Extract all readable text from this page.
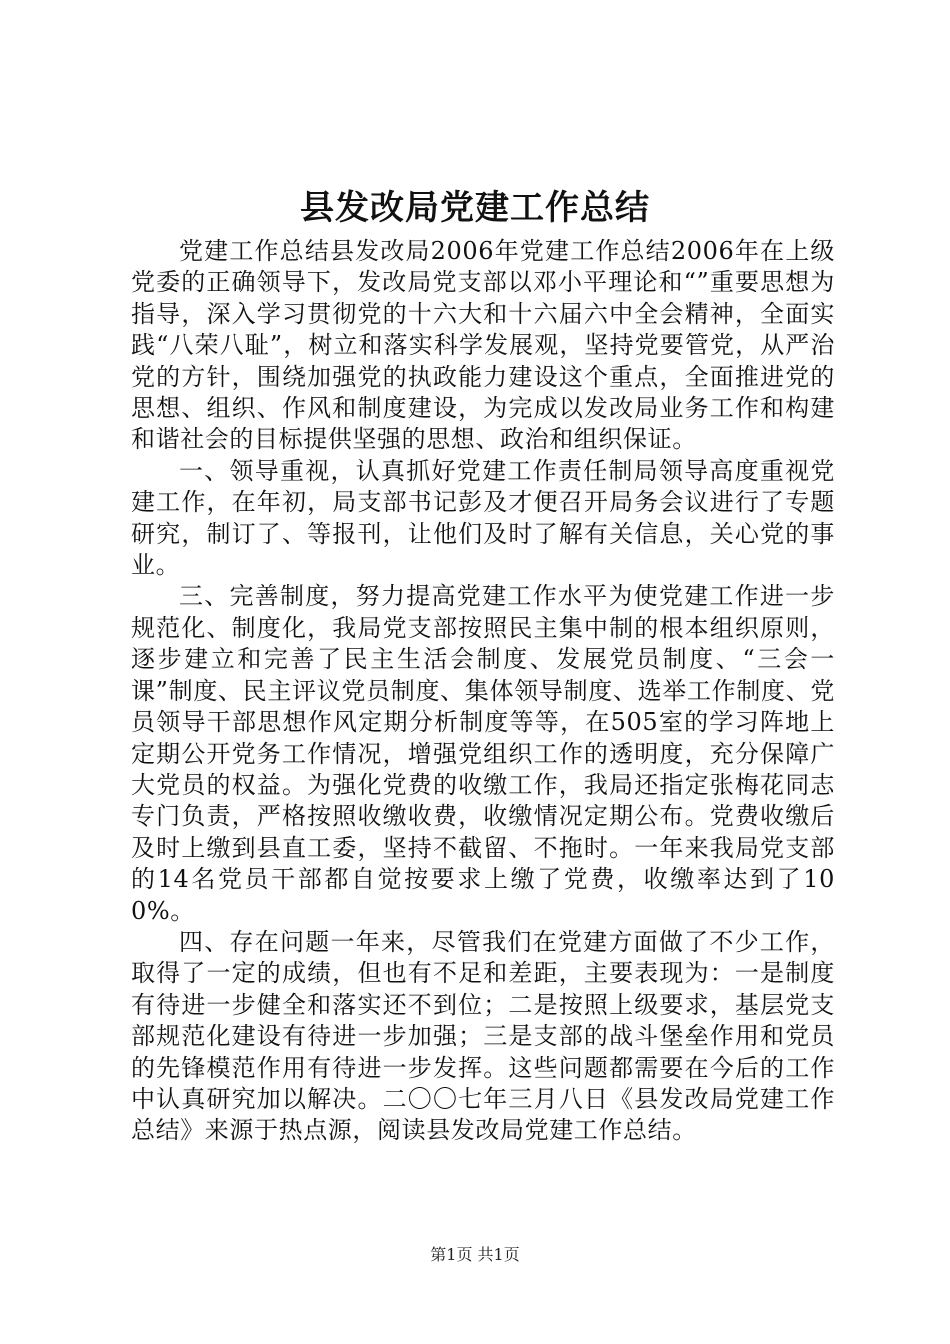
县发改局党建工作总结

党建工作总结县发改局2006年党建工作总结2006年在上级党委的正确领导下，发改局党支部以邓小平理论和“”重要思想为指导，深入学习贯彻党的十六大和十六届六中全会精神，全面实践“八荣八耻”，树立和落实科学发展观，坚持党要管党，从严治党的方针，围绕加强党的执政能力建设这个重点，全面推进党的思想、组织、作风和制度建设，为完成以发改局业务工作和构建和谐社会的目标提供坚强的思想、政治和组织保证。

一、领导重视，认真抓好党建工作责任制局领导高度重视党建工作，在年初，局支部书记彭及才便召开局务会议进行了专题研究，制订了、等报刊，让他们及时了解有关信息，关心党的事业。

三、完善制度，努力提高党建工作水平为使党建工作进一步规范化、制度化，我局党支部按照民主集中制的根本组织原则，逐步建立和完善了民主生活会制度、发展党员制度、“三会一课”制度、民主评议党员制度、集体领导制度、选举工作制度、党员领导干部思想作风定期分析制度等等，在505室的学习阵地上定期公开党务工作情况，增强党组织工作的透明度，充分保障广大党员的权益。为强化党费的收缴工作，我局还指定张梅花同志专门负责，严格按照收缴收费，收缴情况定期公布。党费收缴后及时上缴到县直工委，坚持不截留、不拖时。一年来我局党支部的14名党员干部都自觉按要求上缴了党费，收缴率达到了100%。

四、存在问题一年来，尽管我们在党建方面做了不少工作，取得了一定的成绩，但也有不足和差距，主要表现为：一是制度有待进一步健全和落实还不到位；二是按照上级要求，基层党支部规范化建设有待进一步加强；三是支部的战斗堡垒作用和党员的先锋模范作用有待进一步发挥。这些问题都需要在今后的工作中认真研究加以解决。二〇〇七年三月八日《县发改局党建工作总结》来源于热点源，阅读县发改局党建工作总结。

第1页 共1页
